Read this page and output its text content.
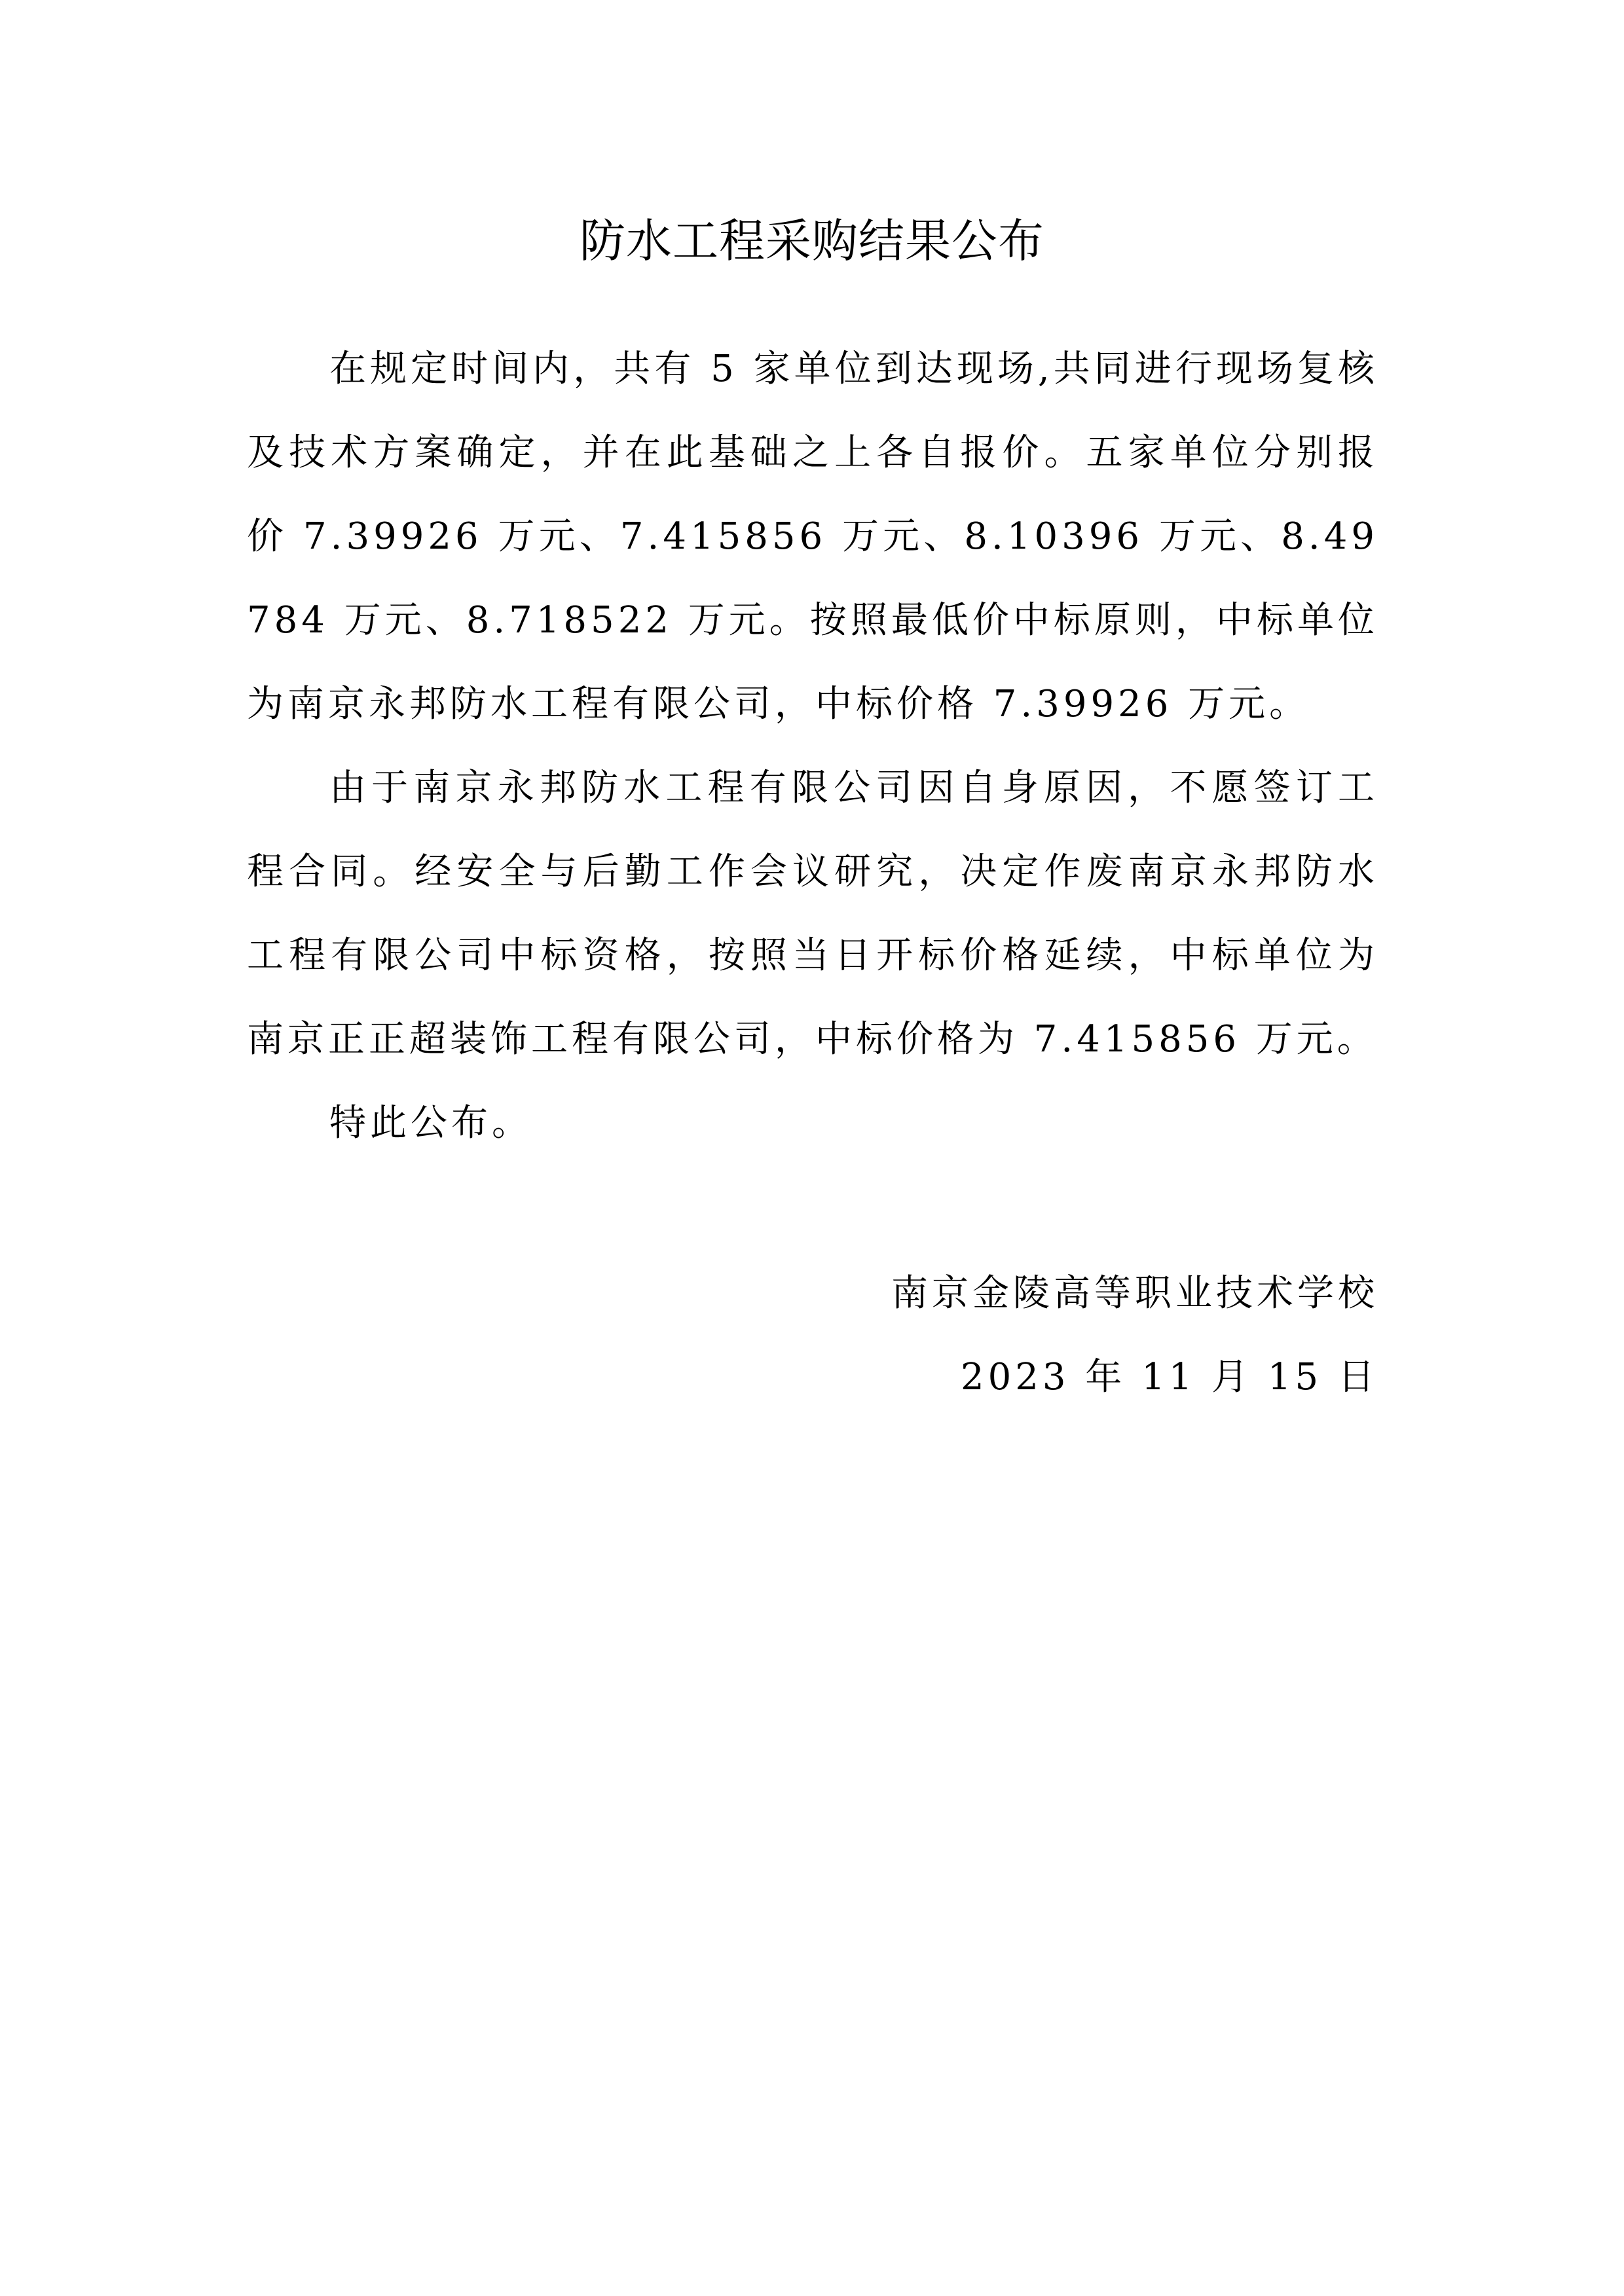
防水工程采购结果公布

在规定时间内，共有 5 家单位到达现场,共同进行现场复核及技术方案确定，并在此基础之上各自报价。五家单位分别报价 7.39926 万元、7.415856 万元、8.10396 万元、8.49784 万元、8.718522 万元。按照最低价中标原则，中标单位为南京永邦防水工程有限公司，中标价格 7.39926 万元。

由于南京永邦防水工程有限公司因自身原因，不愿签订工程合同。经安全与后勤工作会议研究，决定作废南京永邦防水工程有限公司中标资格，按照当日开标价格延续，中标单位为南京正正超装饰工程有限公司，中标价格为 7.415856 万元。

特此公布。

南京金陵高等职业技术学校
2023 年 11 月 15 日
